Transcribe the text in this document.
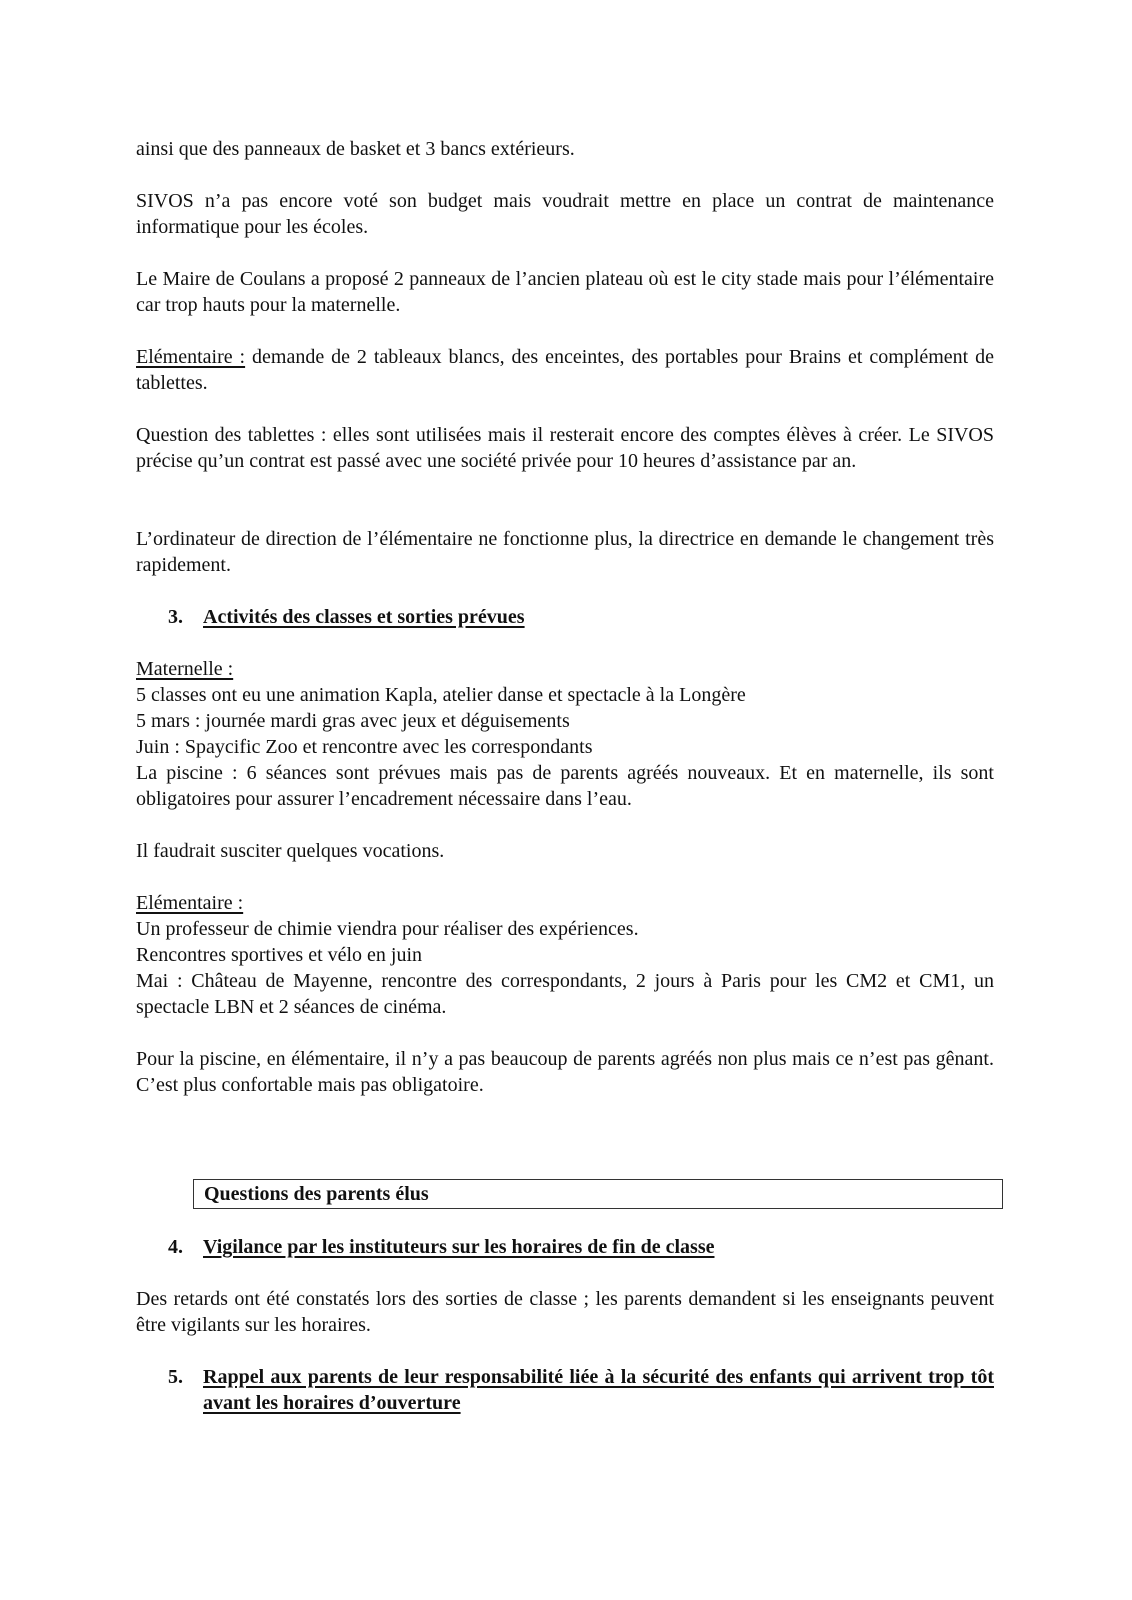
ainsi que des panneaux de basket et 3 bancs extérieurs.

SIVOS n’a pas encore voté son budget mais voudrait mettre en place un contrat de maintenance informatique pour les écoles.

Le Maire de Coulans a proposé 2 panneaux de l’ancien plateau où est le city stade mais pour l’élémentaire car trop hauts pour la maternelle.

Elémentaire : demande de 2 tableaux blancs, des enceintes, des portables pour Brains et complément de tablettes.

Question des tablettes : elles sont utilisées mais il resterait encore des comptes élèves à créer. Le SIVOS précise qu’un contrat est passé avec une société privée pour 10 heures d’assistance par an.

L’ordinateur de direction de l’élémentaire ne fonctionne plus, la directrice en demande le changement très rapidement.

3. Activités des classes et sorties prévues
Maternelle :
5 classes ont eu une animation Kapla, atelier danse et spectacle à la Longère
5 mars : journée mardi gras avec jeux et déguisements
Juin : Spaycific Zoo et rencontre avec les correspondants
La piscine : 6 séances sont prévues mais pas de parents agréés nouveaux. Et en maternelle, ils sont obligatoires pour assurer l’encadrement nécessaire dans l’eau.

Il faudrait susciter quelques vocations.

Elémentaire :
Un professeur de chimie viendra pour réaliser des expériences.
Rencontres sportives et vélo en juin
Mai : Château de Mayenne, rencontre des correspondants, 2 jours à Paris pour les CM2 et CM1, un spectacle LBN et 2 séances de cinéma.

Pour la piscine, en élémentaire, il n’y a pas beaucoup de parents agréés non plus mais ce n’est pas gênant. C’est plus confortable mais pas obligatoire.

Questions des parents élus
4. Vigilance par les instituteurs sur les horaires de fin de classe

Des retards ont été constatés lors des sorties de classe ; les parents demandent si les enseignants peuvent être vigilants sur les horaires.

5. Rappel aux parents de leur responsabilité liée à la sécurité des enfants qui arrivent trop tôt avant les horaires d’ouverture
